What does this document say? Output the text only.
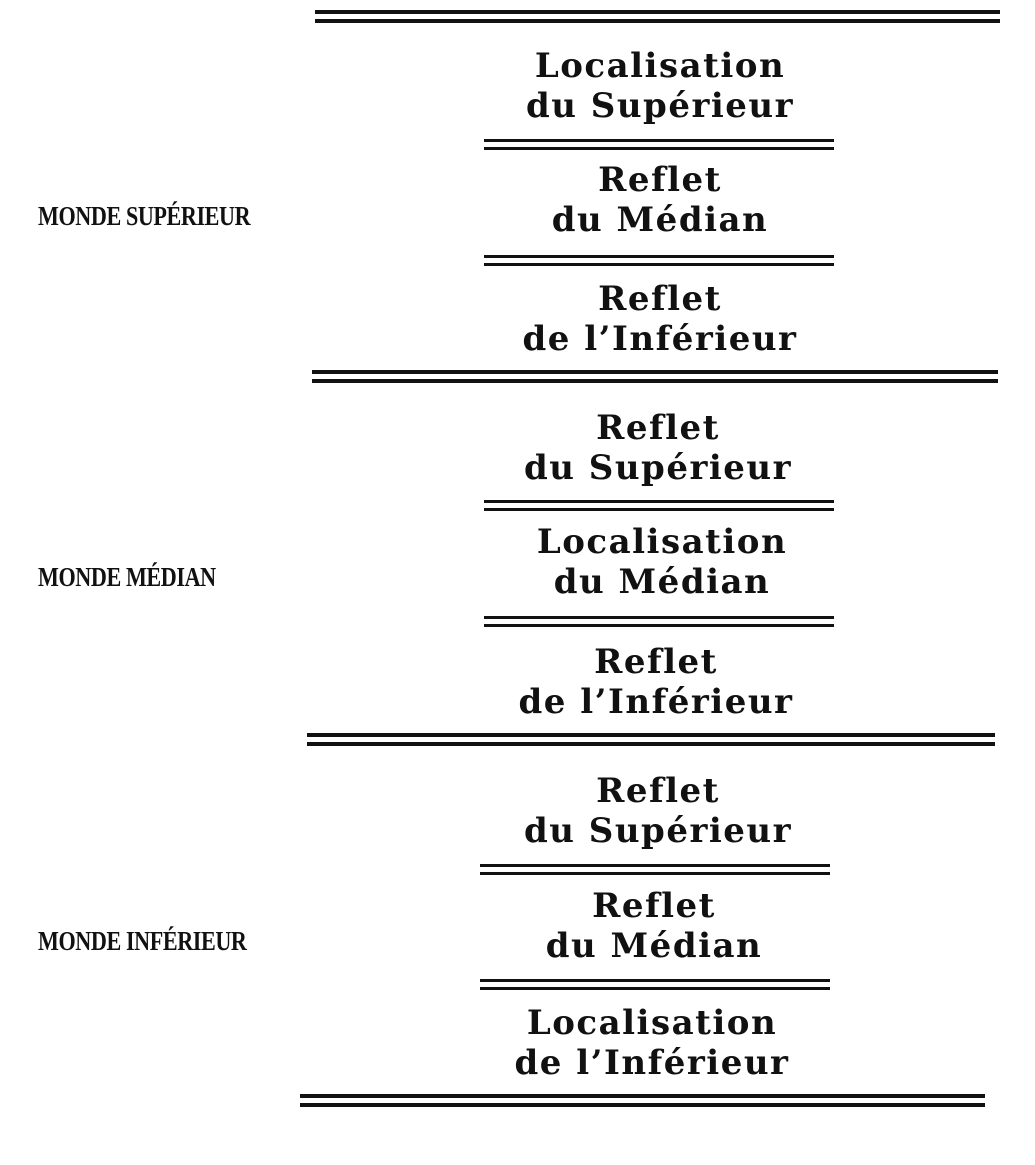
MONDE SUPÉRIEUR
MONDE MÉDIAN
MONDE INFÉRIEUR
Localisation
du Supérieur
Reflet
du Médian
Reflet
de l’Inférieur
Reflet
du Supérieur
Localisation
du Médian
Reflet
de l’Inférieur
Reflet
du Supérieur
Reflet
du Médian
Localisation
de l’Inférieur
